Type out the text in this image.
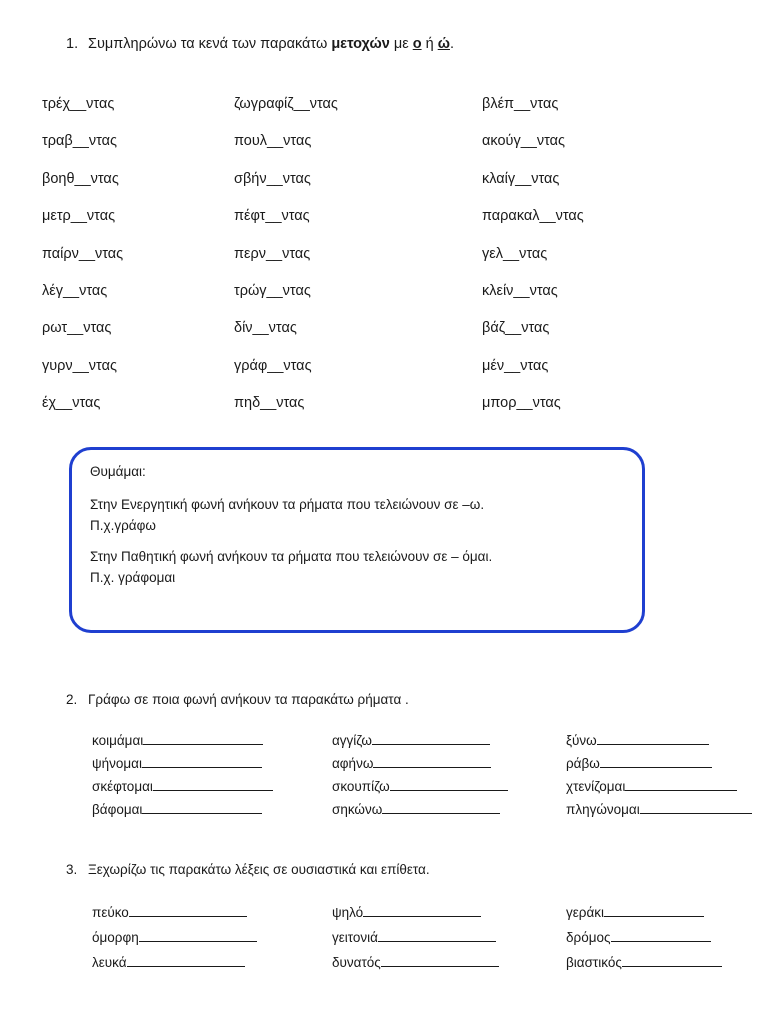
1. Συμπληρώνω τα κενά των παρακάτω μετοχών με ο ή ώ.
τρέχ__ντας	ζωγραφίζ__ντας	βλέπ__ντας
τραβ__ντας	πουλ__ντας	ακούγ__ντας
βοηθ__ντας	σβήν__ντας	κλαίγ__ντας
μετρ__ντας	πέφτ__ντας	παρακαλ__ντας
παίρν__ντας	περν__ντας	γελ__ντας
λέγ__ντας	τρώγ__ντας	κλείν__ντας
ρωτ__ντας	δίν__ντας	βάζ__ντας
γυρν__ντας	γράφ__ντας	μέν__ντας
έχ__ντας	πηδ__ντας	μπορ__ντας

Θυμάμαι:

Στην Ενεργητική φωνή ανήκουν τα ρήματα που τελειώνουν σε –ω.

Π.χ.γράφω

Στην Παθητική φωνή ανήκουν τα ρήματα που τελειώνουν σε – όμαι.

Π.χ. γράφομαι

2. Γράφω σε ποια φωνή ανήκουν τα παρακάτω ρήματα .
κοιμάμαι	αγγίζω	ξύνω
ψήνομαι	αφήνω	ράβω
σκέφτομαι	σκουπίζω	χτενίζομαι
βάφομαι	σηκώνω	πληγώνομαι
3. Ξεχωρίζω τις παρακάτω λέξεις σε ουσιαστικά και επίθετα.
πεύκο	ψηλό	γεράκι
όμορφη	γειτονιά	δρόμος
λευκά	δυνατός	βιαστικός
